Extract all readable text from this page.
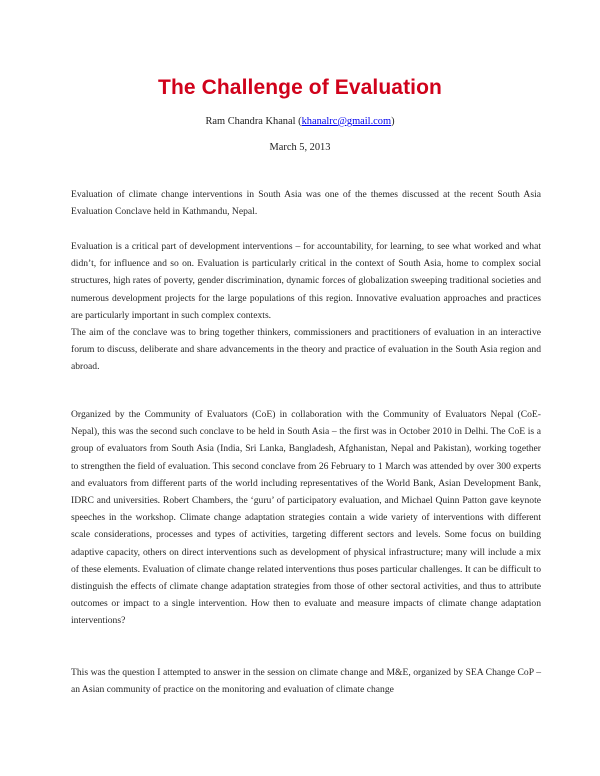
The Challenge of Evaluation
Ram Chandra Khanal (khanalrc@gmail.com)
March 5, 2013

Evaluation of climate change interventions in South Asia was one of the themes discussed at the recent South Asia Evaluation Conclave held in Kathmandu, Nepal.

Evaluation is a critical part of development interventions – for accountability, for learning, to see what worked and what didn’t, for influence and so on. Evaluation is particularly critical in the context of South Asia, home to complex social structures, high rates of poverty, gender discrimination, dynamic forces of globalization sweeping traditional societies and numerous development projects for the large populations of this region. Innovative evaluation approaches and practices are particularly important in such complex contexts.

The aim of the conclave was to bring together thinkers, commissioners and practitioners of evaluation in an interactive forum to discuss, deliberate and share advancements in the theory and practice of evaluation in the South Asia region and abroad.

Organized by the Community of Evaluators (CoE) in collaboration with the Community of Evaluators Nepal (CoE-Nepal), this was the second such conclave to be held in South Asia – the first was in October 2010 in Delhi. The CoE is a group of evaluators from South Asia (India, Sri Lanka, Bangladesh, Afghanistan, Nepal and Pakistan), working together to strengthen the field of evaluation. This second conclave from 26 February to 1 March was attended by over 300 experts and evaluators from different parts of the world including representatives of the World Bank, Asian Development Bank, IDRC and universities. Robert Chambers, the ‘guru’ of participatory evaluation, and Michael Quinn Patton gave keynote speeches in the workshop. Climate change adaptation strategies contain a wide variety of interventions with different scale considerations, processes and types of activities, targeting different sectors and levels. Some focus on building adaptive capacity, others on direct interventions such as development of physical infrastructure; many will include a mix of these elements. Evaluation of climate change related interventions thus poses particular challenges. It can be difficult to distinguish the effects of climate change adaptation strategies from those of other sectoral activities, and thus to attribute outcomes or impact to a single intervention. How then to evaluate and measure impacts of climate change adaptation interventions?

This was the question I attempted to answer in the session on climate change and M&E, organized by SEA Change CoP – an Asian community of practice on the monitoring and evaluation of climate change
